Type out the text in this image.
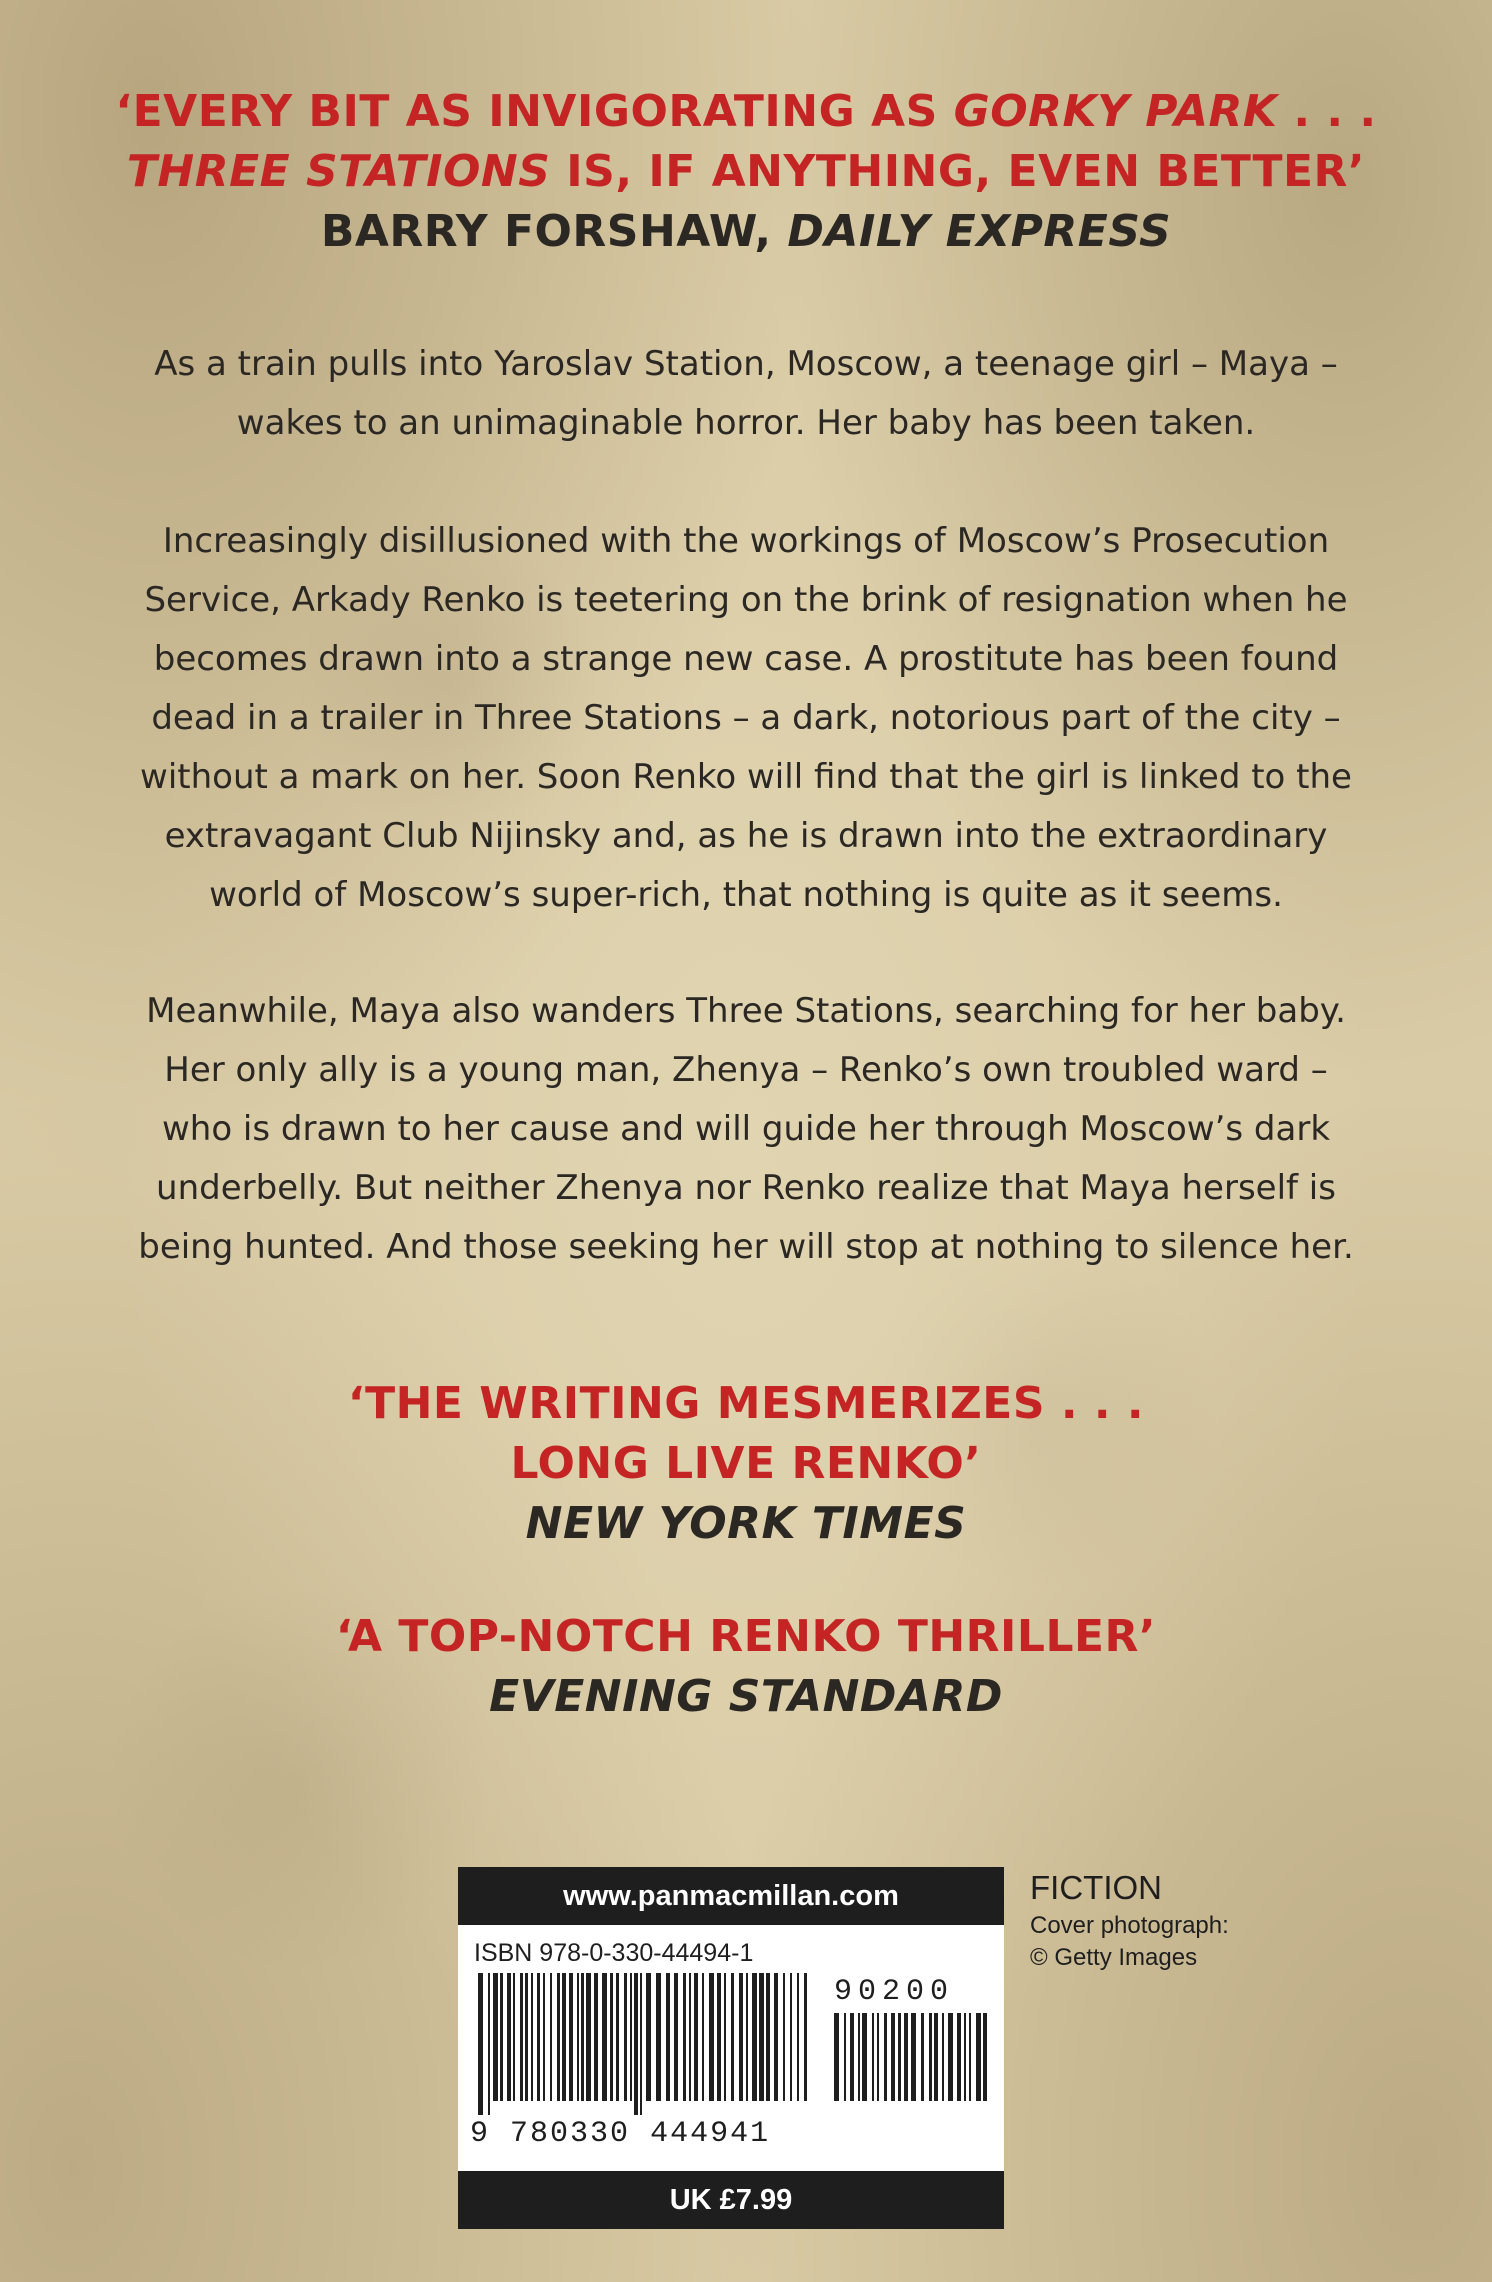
‘EVERY BIT AS INVIGORATING AS GORKY PARK . . .
THREE STATIONS IS, IF ANYTHING, EVEN BETTER’
BARRY FORSHAW, DAILY EXPRESS
As a train pulls into Yaroslav Station, Moscow, a teenage girl – Maya –
wakes to an unimaginable horror. Her baby has been taken.
Increasingly disillusioned with the workings of Moscow’s Prosecution
Service, Arkady Renko is teetering on the brink of resignation when he
becomes drawn into a strange new case. A prostitute has been found
dead in a trailer in Three Stations – a dark, notorious part of the city –
without a mark on her. Soon Renko will find that the girl is linked to the
extravagant Club Nijinsky and, as he is drawn into the extraordinary
world of Moscow’s super-rich, that nothing is quite as it seems.
Meanwhile, Maya also wanders Three Stations, searching for her baby.
Her only ally is a young man, Zhenya – Renko’s own troubled ward –
who is drawn to her cause and will guide her through Moscow’s dark
underbelly. But neither Zhenya nor Renko realize that Maya herself is
being hunted. And those seeking her will stop at nothing to silence her.
‘THE WRITING MESMERIZES . . .
LONG LIVE RENKO’
NEW YORK TIMES
‘A TOP-NOTCH RENKO THRILLER’
EVENING STANDARD
www.panmacmillan.com
ISBN 978-0-330-44494-1
90200
9 780330 444941
UK £7.99
FICTION
Cover photograph:
© Getty Images
